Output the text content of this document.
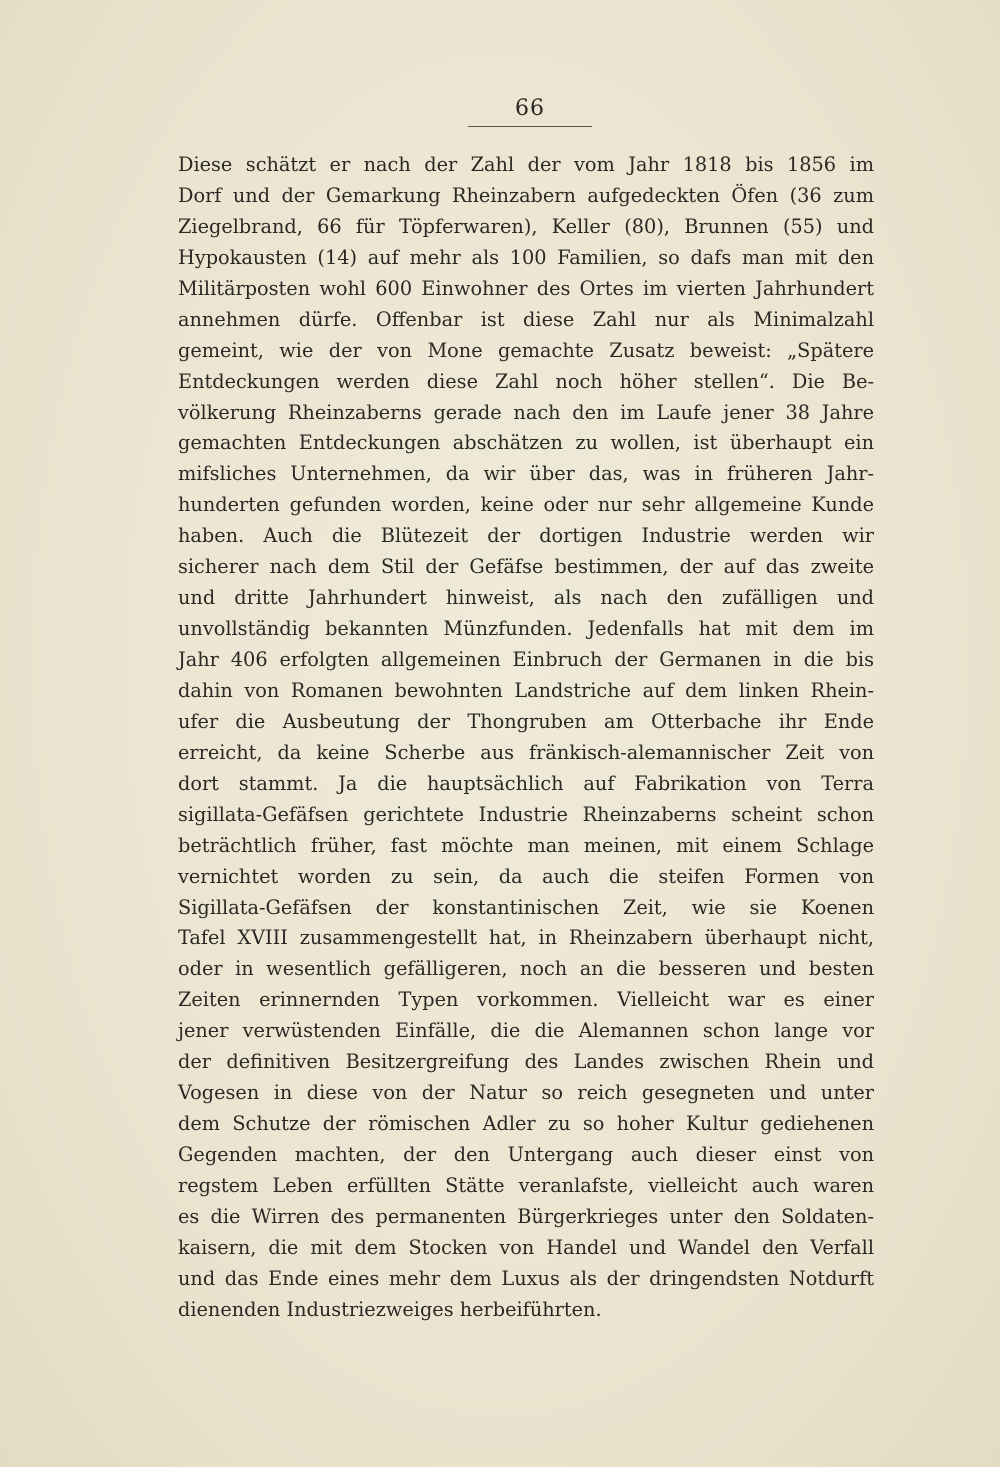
66
Diese schätzt er nach der Zahl der vom Jahr 1818 bis 1856 im
Dorf und der Gemarkung Rheinzabern aufgedeckten Öfen (36 zum
Ziegelbrand, 66 für Töpferwaren), Keller (80), Brunnen (55) und
Hypokausten (14) auf mehr als 100 Familien, so dafs man mit den
Militärposten wohl 600 Einwohner des Ortes im vierten Jahrhundert
annehmen dürfe. Offenbar ist diese Zahl nur als Minimalzahl
gemeint, wie der von Mone gemachte Zusatz beweist: „Spätere
Entdeckungen werden diese Zahl noch höher stellen“. Die Be-
völkerung Rheinzaberns gerade nach den im Laufe jener 38 Jahre
gemachten Entdeckungen abschätzen zu wollen, ist überhaupt ein
mifsliches Unternehmen, da wir über das, was in früheren Jahr-
hunderten gefunden worden, keine oder nur sehr allgemeine Kunde
haben. Auch die Blütezeit der dortigen Industrie werden wir
sicherer nach dem Stil der Gefäfse bestimmen, der auf das zweite
und dritte Jahrhundert hinweist, als nach den zufälligen und
unvollständig bekannten Münzfunden. Jedenfalls hat mit dem im
Jahr 406 erfolgten allgemeinen Einbruch der Germanen in die bis
dahin von Romanen bewohnten Landstriche auf dem linken Rhein-
ufer die Ausbeutung der Thongruben am Otterbache ihr Ende
erreicht, da keine Scherbe aus fränkisch-alemannischer Zeit von
dort stammt. Ja die hauptsächlich auf Fabrikation von Terra
sigillata-Gefäfsen gerichtete Industrie Rheinzaberns scheint schon
beträchtlich früher, fast möchte man meinen, mit einem Schlage
vernichtet worden zu sein, da auch die steifen Formen von
Sigillata-Gefäfsen der konstantinischen Zeit, wie sie Koenen
Tafel XVIII zusammengestellt hat, in Rheinzabern überhaupt nicht,
oder in wesentlich gefälligeren, noch an die besseren und besten
Zeiten erinnernden Typen vorkommen. Vielleicht war es einer
jener verwüstenden Einfälle, die die Alemannen schon lange vor
der definitiven Besitzergreifung des Landes zwischen Rhein und
Vogesen in diese von der Natur so reich gesegneten und unter
dem Schutze der römischen Adler zu so hoher Kultur gediehenen
Gegenden machten, der den Untergang auch dieser einst von
regstem Leben erfüllten Stätte veranlafste, vielleicht auch waren
es die Wirren des permanenten Bürgerkrieges unter den Soldaten-
kaisern, die mit dem Stocken von Handel und Wandel den Verfall
und das Ende eines mehr dem Luxus als der dringendsten Notdurft
dienenden Industriezweiges herbeiführten.
